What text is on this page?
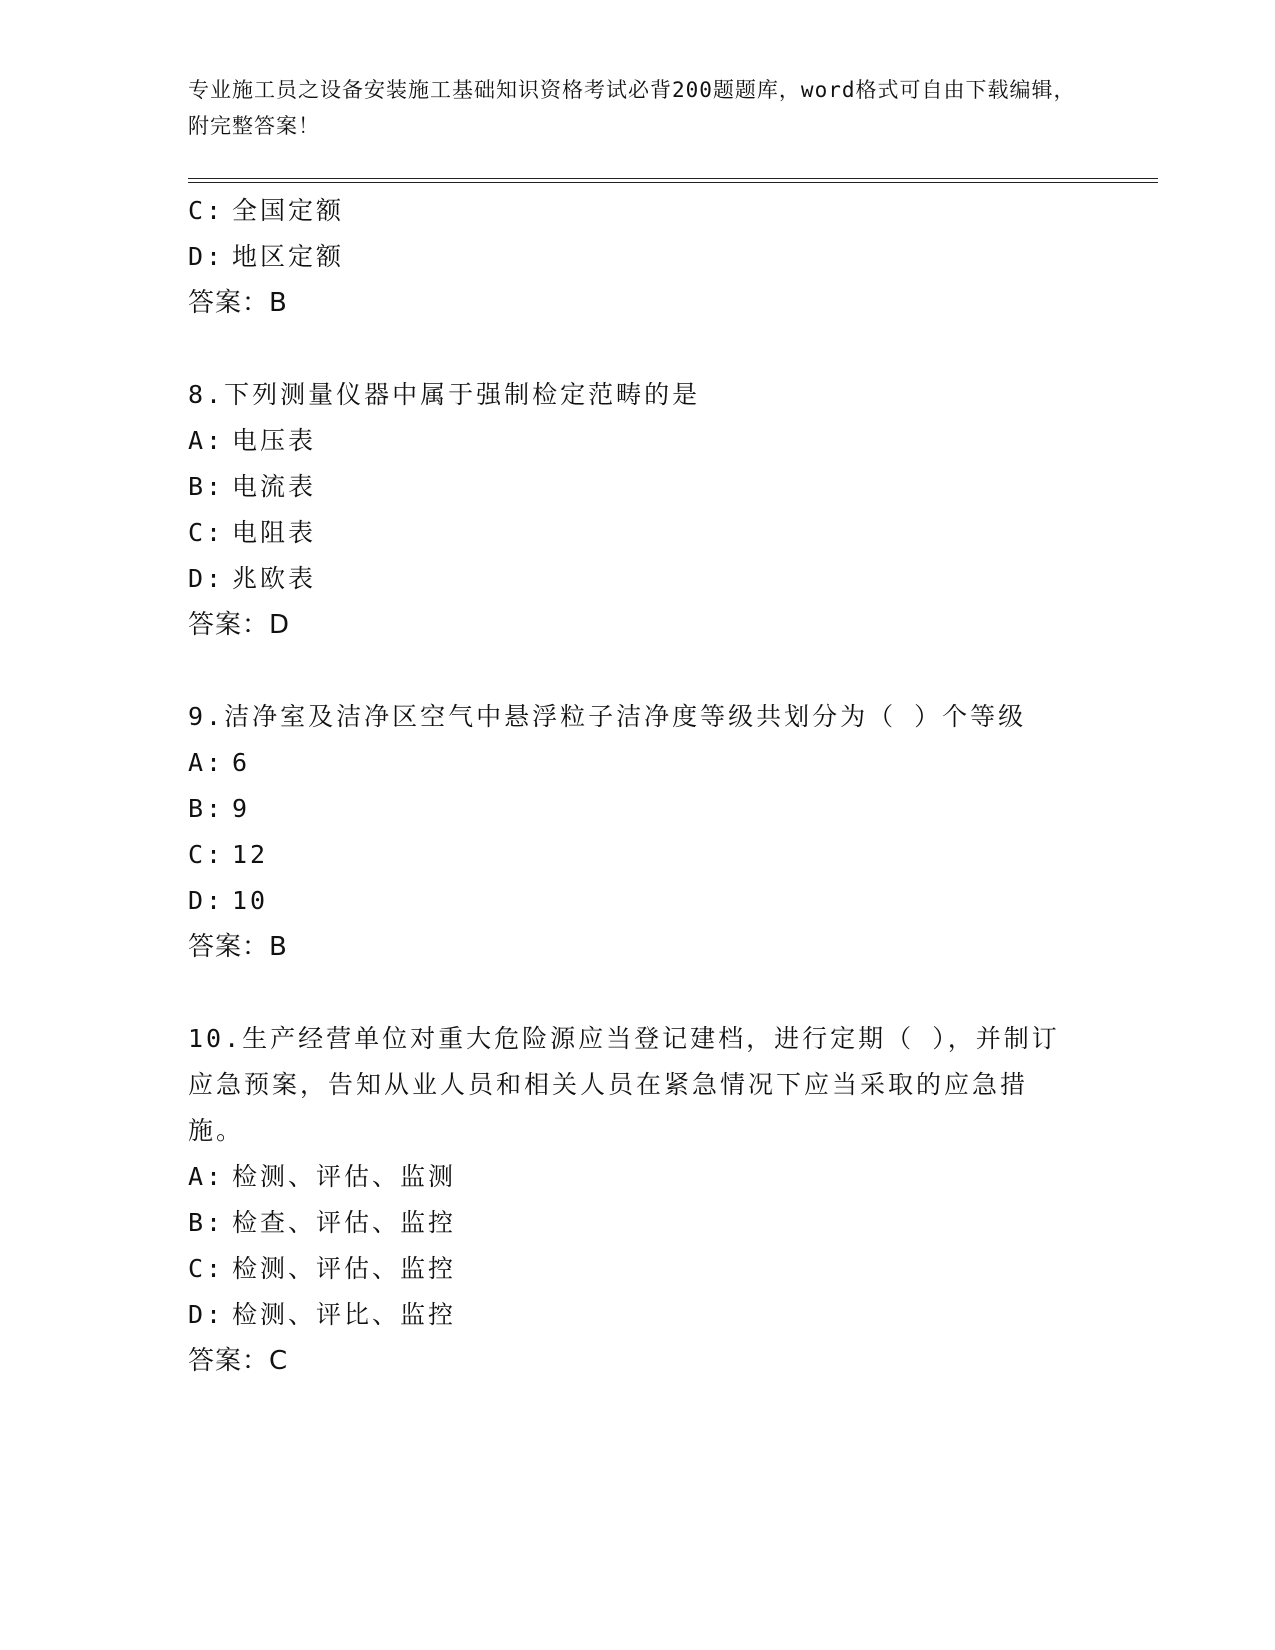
专业施工员之设备安装施工基础知识资格考试必背200题题库，word格式可自由下载编辑，附完整答案！
C: 全国定额
D: 地区定额
答案：B
8.下列测量仪器中属于强制检定范畴的是
A: 电压表
B: 电流表
C: 电阻表
D: 兆欧表
答案：D
9.洁净室及洁净区空气中悬浮粒子洁净度等级共划分为（ ）个等级
A: 6
B: 9
C: 12
D: 10
答案：B
10.生产经营单位对重大危险源应当登记建档，进行定期（ ），并制订应急预案，告知从业人员和相关人员在紧急情况下应当采取的应急措施。
A: 检测、评估、监测
B: 检查、评估、监控
C: 检测、评估、监控
D: 检测、评比、监控
答案：C
